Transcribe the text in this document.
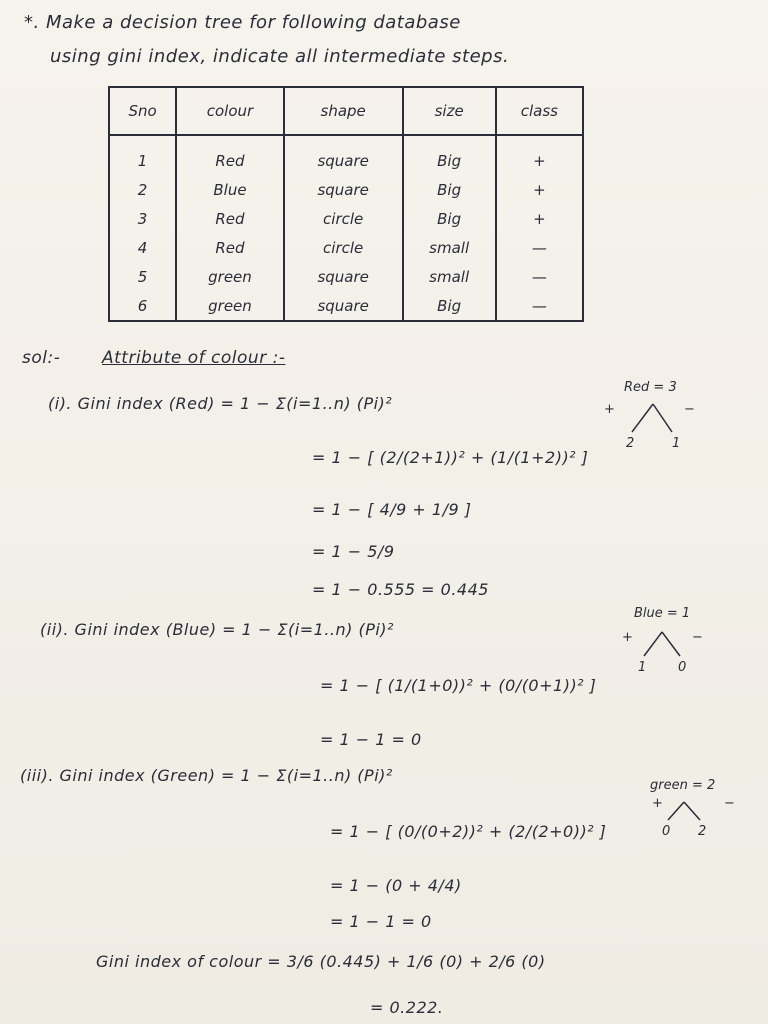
*. Make a decision tree for following database
using gini index, indicate all intermediate steps.
Sno	colour	shape	size	class
1	Red	square	Big	+
2	Blue	square	Big	+
3	Red	circle	Big	+
4	Red	circle	small	—
5	green	square	small	—
6	green	square	Big	—
sol:- Attribute of colour :-
(i). Gini index (Red) = 1 − Σ(i=1..n) (Pi)²
= 1 − [ (2/(2+1))² + (1/(1+2))² ]
= 1 − [ 4/9 + 1/9 ]
= 1 − 5/9
= 1 − 0.555 = 0.445
Red = 3
+	−
2	1
(ii). Gini index (Blue) = 1 − Σ(i=1..n) (Pi)²
= 1 − [ (1/(1+0))² + (0/(0+1))² ]
= 1 − 1 = 0
Blue = 1
+	−
1 0
(iii). Gini index (Green) = 1 − Σ(i=1..n) (Pi)²
= 1 − [ (0/(0+2))² + (2/(2+0))² ]
= 1 − (0 + 4/4)
= 1 − 1 = 0
green = 2
+	−
0 2
Gini index of colour = 3/6 (0.445) + 1/6 (0) + 2/6 (0)
= 0.222.
